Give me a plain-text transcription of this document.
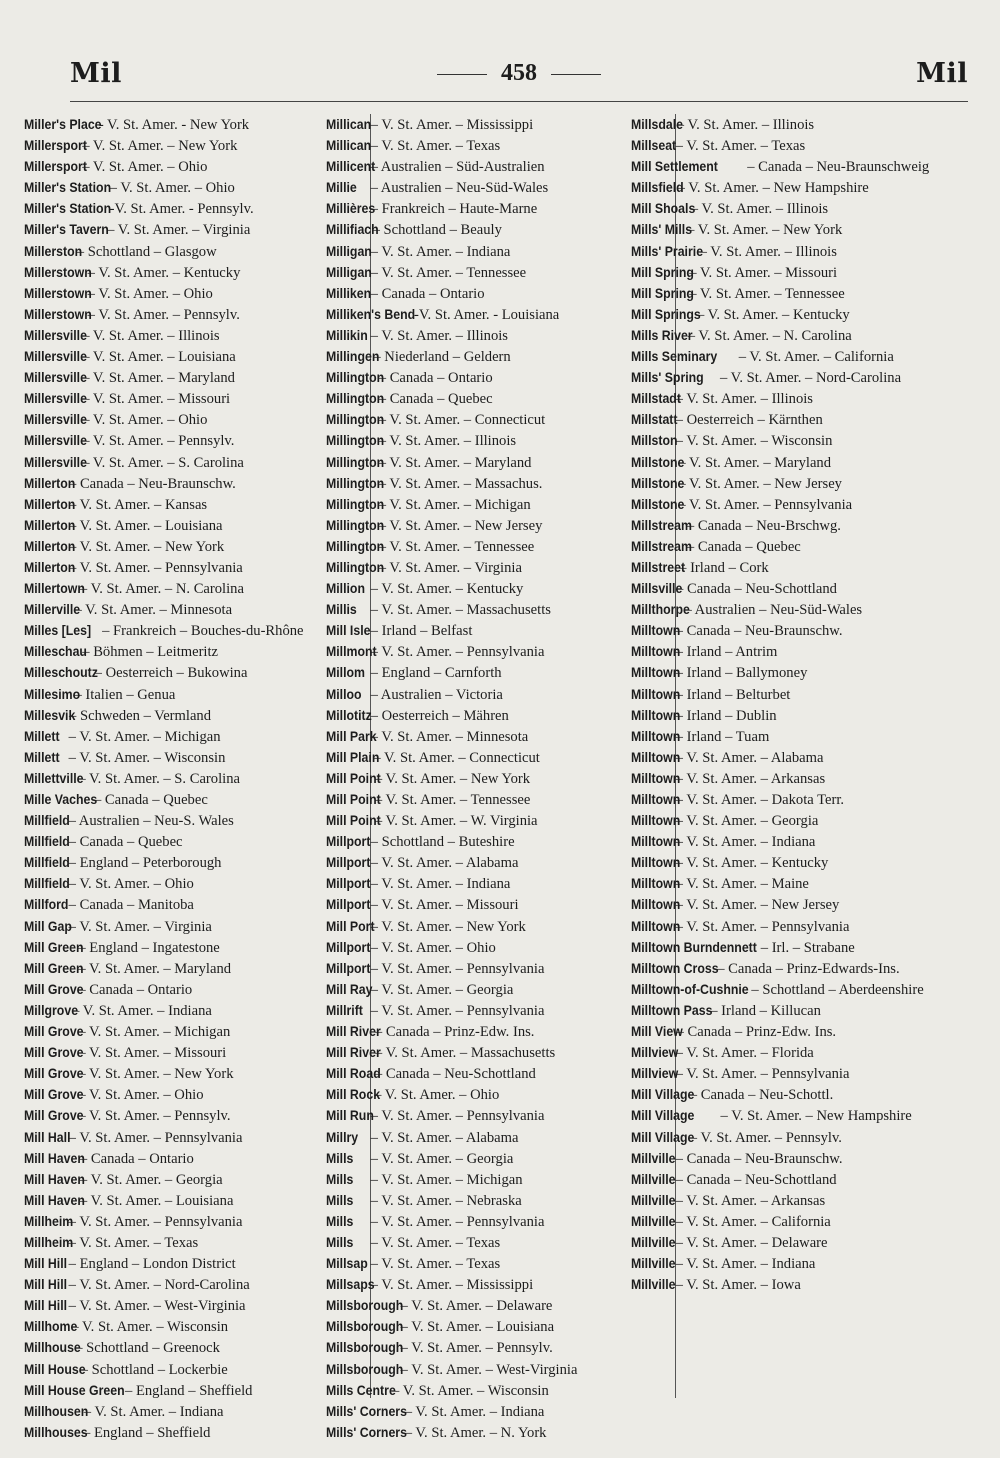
Mil	458	Mil
Miller's Place - V. St. Amer. - New York
Millersport – V. St. Amer. – New York
Millersport – V. St. Amer. – Ohio
Miller's Station – V. St. Amer. – Ohio
Miller's Station -V. St. Amer. - Pennsylv.
Miller's Tavern – V. St. Amer. – Virginia
Millerston – Schottland – Glasgow
Millerstown – V. St. Amer. – Kentucky
Millerstown – V. St. Amer. – Ohio
Millerstown – V. St. Amer. – Pennsylv.
Millersville – V. St. Amer. – Illinois
Millersville – V. St. Amer. – Louisiana
Millersville – V. St. Amer. – Maryland
Millersville – V. St. Amer. – Missouri
Millersville – V. St. Amer. – Ohio
Millersville – V. St. Amer. – Pennsylv.
Millersville – V. St. Amer. – S. Carolina
Millerton – Canada – Neu-Braunschw.
Millerton – V. St. Amer. – Kansas
Millerton – V. St. Amer. – Louisiana
Millerton – V. St. Amer. – New York
Millerton – V. St. Amer. – Pennsylvania
Millertown – V. St. Amer. – N. Carolina
Millerville – V. St. Amer. – Minnesota
Milles [Les] – Frankreich – Bouches-du-Rhône
Milleschau – Böhmen – Leitmeritz
Milleschoutz – Oesterreich – Bukowina
Millesimo – Italien – Genua
Millesvik – Schweden – Vermland
Millett – V. St. Amer. – Michigan
Millett – V. St. Amer. – Wisconsin
Millettville – V. St. Amer. – S. Carolina
Mille Vaches – Canada – Quebec
Millfield – Australien – Neu-S. Wales
Millfield – Canada – Quebec
Millfield – England – Peterborough
Millfield – V. St. Amer. – Ohio
Millford – Canada – Manitoba
Mill Gap – V. St. Amer. – Virginia
Mill Green – England – Ingatestone
Mill Green – V. St. Amer. – Maryland
Mill Grove – Canada – Ontario
Millgrove – V. St. Amer. – Indiana
Mill Grove – V. St. Amer. – Michigan
Mill Grove – V. St. Amer. – Missouri
Mill Grove – V. St. Amer. – New York
Mill Grove – V. St. Amer. – Ohio
Mill Grove – V. St. Amer. – Pennsylv.
Mill Hall – V. St. Amer. – Pennsylvania
Mill Haven – Canada – Ontario
Mill Haven – V. St. Amer. – Georgia
Mill Haven – V. St. Amer. – Louisiana
Millheim – V. St. Amer. – Pennsylvania
Millheim – V. St. Amer. – Texas
Mill Hill – England – London District
Mill Hill – V. St. Amer. – Nord-Carolina
Mill Hill – V. St. Amer. – West-Virginia
Millhome – V. St. Amer. – Wisconsin
Millhouse – Schottland – Greenock
Mill House – Schottland – Lockerbie
Mill House Green – England – Sheffield
Millhousen – V. St. Amer. – Indiana
Millhouses – England – Sheffield
Millican – V. St. Amer. – Mississippi
Millican – V. St. Amer. – Texas
Millicent – Australien – Süd-Australien
Millie – Australien – Neu-Süd-Wales
Millières – Frankreich – Haute-Marne
Millifiach – Schottland – Beauly
Milligan – V. St. Amer. – Indiana
Milligan – V. St. Amer. – Tennessee
Milliken – Canada – Ontario
Milliken's Bend -V. St. Amer. - Louisiana
Millikin – V. St. Amer. – Illinois
Millingen – Niederland – Geldern
Millington – Canada – Ontario
Millington – Canada – Quebec
Millington – V. St. Amer. – Connecticut
Millington – V. St. Amer. – Illinois
Millington – V. St. Amer. – Maryland
Millington – V. St. Amer. – Massachus.
Millington – V. St. Amer. – Michigan
Millington – V. St. Amer. – New Jersey
Millington – V. St. Amer. – Tennessee
Millington – V. St. Amer. – Virginia
Million – V. St. Amer. – Kentucky
Millis – V. St. Amer. – Massachusetts
Mill Isle – Irland – Belfast
Millmont – V. St. Amer. – Pennsylvania
Millom – England – Carnforth
Milloo – Australien – Victoria
Millotitz – Oesterreich – Mähren
Mill Park – V. St. Amer. – Minnesota
Mill Plain – V. St. Amer. – Connecticut
Mill Point – V. St. Amer. – New York
Mill Point – V. St. Amer. – Tennessee
Mill Point – V. St. Amer. – W. Virginia
Millport – Schottland – Buteshire
Millport – V. St. Amer. – Alabama
Millport – V. St. Amer. – Indiana
Millport – V. St. Amer. – Missouri
Mill Port – V. St. Amer. – New York
Millport – V. St. Amer. – Ohio
Millport – V. St. Amer. – Pennsylvania
Mill Ray – V. St. Amer. – Georgia
Millrift – V. St. Amer. – Pennsylvania
Mill River – Canada – Prinz-Edw. Ins.
Mill River – V. St. Amer. – Massachusetts
Mill Road – Canada – Neu-Schottland
Mill Rock – V. St. Amer. – Ohio
Mill Run – V. St. Amer. – Pennsylvania
Millry – V. St. Amer. – Alabama
Mills – V. St. Amer. – Georgia
Mills – V. St. Amer. – Michigan
Mills – V. St. Amer. – Nebraska
Mills – V. St. Amer. – Pennsylvania
Mills – V. St. Amer. – Texas
Millsap – V. St. Amer. – Texas
Millsaps – V. St. Amer. – Mississippi
Millsborough – V. St. Amer. – Delaware
Millsborough – V. St. Amer. – Louisiana
Millsborough – V. St. Amer. – Pennsylv.
Millsborough – V. St. Amer. – West-Virginia
Mills Centre – V. St. Amer. – Wisconsin
Mills' Corners – V. St. Amer. – Indiana
Mills' Corners – V. St. Amer. – N. York
Millsdale – V. St. Amer. – Illinois
Millseat – V. St. Amer. – Texas
Mill Settlement – Canada – Neu-Braunschweig
Millsfield – V. St. Amer. – New Hampshire
Mill Shoals – V. St. Amer. – Illinois
Mills' Mills – V. St. Amer. – New York
Mills' Prairie – V. St. Amer. – Illinois
Mill Spring – V. St. Amer. – Missouri
Mill Spring – V. St. Amer. – Tennessee
Mill Springs – V. St. Amer. – Kentucky
Mills River – V. St. Amer. – N. Carolina
Mills Seminary – V. St. Amer. – California
Mills' Spring – V. St. Amer. – Nord-Carolina
Millstadt – V. St. Amer. – Illinois
Millstatt – Oesterreich – Kärnthen
Millston – V. St. Amer. – Wisconsin
Millstone – V. St. Amer. – Maryland
Millstone – V. St. Amer. – New Jersey
Millstone – V. St. Amer. – Pennsylvania
Millstream – Canada – Neu-Brschwg.
Millstream – Canada – Quebec
Millstreet – Irland – Cork
Millsville – Canada – Neu-Schottland
Millthorpe – Australien – Neu-Süd-Wales
Milltown – Canada – Neu-Braunschw.
Milltown – Irland – Antrim
Milltown – Irland – Ballymoney
Milltown – Irland – Belturbet
Milltown – Irland – Dublin
Milltown – Irland – Tuam
Milltown – V. St. Amer. – Alabama
Milltown – V. St. Amer. – Arkansas
Milltown – V. St. Amer. – Dakota Terr.
Milltown – V. St. Amer. – Georgia
Milltown – V. St. Amer. – Indiana
Milltown – V. St. Amer. – Kentucky
Milltown – V. St. Amer. – Maine
Milltown – V. St. Amer. – New Jersey
Milltown – V. St. Amer. – Pennsylvania
Milltown Burndennett – Irl. – Strabane
Milltown Cross – Canada – Prinz-Edwards-Ins.
Milltown-of-Cushnie – Schottland – Aberdeenshire
Milltown Pass – Irland – Killucan
Mill View – Canada – Prinz-Edw. Ins.
Millview – V. St. Amer. – Florida
Millview – V. St. Amer. – Pennsylvania
Mill Village – Canada – Neu-Schottl.
Mill Village – V. St. Amer. – New Hampshire
Mill Village – V. St. Amer. – Pennsylv.
Millville – Canada – Neu-Braunschw.
Millville – Canada – Neu-Schottland
Millville – V. St. Amer. – Arkansas
Millville – V. St. Amer. – California
Millville – V. St. Amer. – Delaware
Millville – V. St. Amer. – Indiana
Millville – V. St. Amer. – Iowa
